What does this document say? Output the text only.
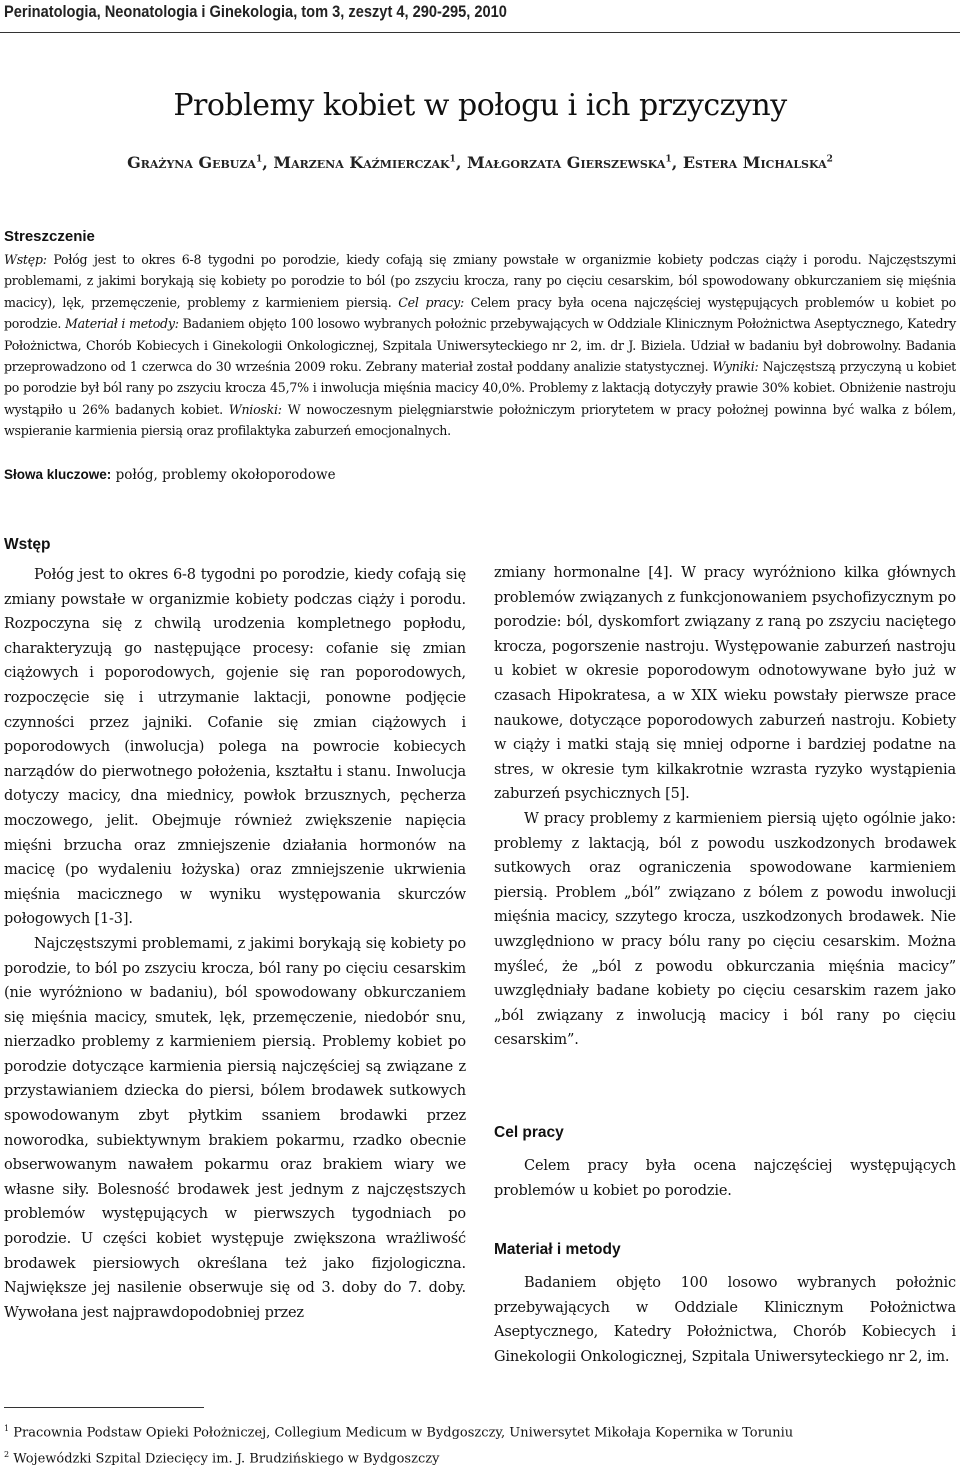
Perinatologia, Neonatologia i Ginekologia, tom 3, zeszyt 4, 290-295, 2010
Problemy kobiet w połogu i ich przyczyny
Grażyna Gebuza$^1$, Marzena Kaźmierczak$^1$, Małgorzata Gierszewska$^1$, Estera Michalska$^2$
Streszczenie
Wstęp: Połóg jest to okres 6-8 tygodni po porodzie, kiedy cofają się zmiany powstałe w organizmie kobiety podczas ciąży i porodu. Najczęstszymi problemami, z jakimi borykają się kobiety po porodzie to ból (po zszyciu krocza, rany po cięciu cesarskim, ból spowodowany obkurczaniem się mięśnia macicy), lęk, przemęczenie, problemy z karmieniem piersią. Cel pracy: Celem pracy była ocena najczęściej występujących problemów u kobiet po porodzie. Materiał i metody: Badaniem objęto 100 losowo wybranych położnic przebywających w Oddziale Klinicznym Położnictwa Aseptycznego, Katedry Położnictwa, Chorób Kobiecych i Ginekologii Onkologicznej, Szpitala Uniwersyteckiego nr 2, im. dr J. Biziela. Udział w badaniu był dobrowolny. Badania przeprowadzono od 1 czerwca do 30 września 2009 roku. Zebrany materiał został poddany analizie statystycznej. Wyniki: Najczęstszą przyczyną u kobiet po porodzie był ból rany po zszyciu krocza 45,7% i inwolucja mięśnia macicy 40,0%. Problemy z laktacją dotyczyły prawie 30% kobiet. Obniżenie nastroju wystąpiło u 26% badanych kobiet. Wnioski: W nowoczesnym pielęgniarstwie położniczym priorytetem w pracy położnej powinna być walka z bólem, wspieranie karmienia piersią oraz profilaktyka zaburzeń emocjonalnych.
Słowa kluczowe: połóg, problemy okołoporodowe
Wstęp

Połóg jest to okres 6-8 tygodni po porodzie, kiedy cofają się zmiany powstałe w organizmie kobiety podczas ciąży i porodu. Rozpoczyna się z chwilą urodzenia kompletnego popłodu, charakteryzują go następujące procesy: cofanie się zmian ciążowych i poporodowych, gojenie się ran poporodowych, rozpoczęcie się i utrzymanie laktacji, ponowne podjęcie czynności przez jajniki. Cofanie się zmian ciążowych i poporodowych (inwolucja) polega na powrocie kobiecych narządów do pierwotnego położenia, kształtu i stanu. Inwolucja dotyczy macicy, dna miednicy, powłok brzusznych, pęcherza moczowego, jelit. Obejmuje również zwiększenie napięcia mięśni brzucha oraz zmniejszenie działania hormonów na macicę (po wydaleniu łożyska) oraz zmniejszenie ukrwienia mięśnia macicznego w wyniku występowania skurczów połogowych [1-3].

Najczęstszymi problemami, z jakimi borykają się kobiety po porodzie, to ból po zszyciu krocza, ból rany po cięciu cesarskim (nie wyróżniono w badaniu), ból spowodowany obkurczaniem się mięśnia macicy, smutek, lęk, przemęczenie, niedobór snu, nierzadko problemy z karmieniem piersią. Problemy kobiet po porodzie dotyczące karmienia piersią najczęściej są związane z przystawianiem dziecka do piersi, bólem brodawek sutkowych spowodowanym zbyt płytkim ssaniem brodawki przez noworodka, subiektywnym brakiem pokarmu, rzadko obecnie obserwowanym nawałem pokarmu oraz brakiem wiary we własne siły. Bolesność brodawek jest jednym z najczęstszych problemów występujących w pierwszych tygodniach po porodzie. U części kobiet występuje zwiększona wrażliwość brodawek piersiowych określana też jako fizjologiczna. Największe jej nasilenie obserwuje się od 3. doby do 7. doby. Wywołana jest najprawdopodobniej przez

zmiany hormonalne [4]. W pracy wyróżniono kilka głównych problemów związanych z funkcjonowaniem psychofizycznym po porodzie: ból, dyskomfort związany z raną po zszyciu naciętego krocza, pogorszenie nastroju. Występowanie zaburzeń nastroju u kobiet w okresie poporodowym odnotowywane było już w czasach Hipokratesa, a w XIX wieku powstały pierwsze prace naukowe, dotyczące poporodowych zaburzeń nastroju. Kobiety w ciąży i matki stają się mniej odporne i bardziej podatne na stres, w okresie tym kilkakrotnie wzrasta ryzyko wystąpienia zaburzeń psychicznych [5].

W pracy problemy z karmieniem piersią ujęto ogólnie jako: problemy z laktacją, ból z powodu uszkodzonych brodawek sutkowych oraz ograniczenia spowodowane karmieniem piersią. Problem „ból” związano z bólem z powodu inwolucji mięśnia macicy, szzytego krocza, uszkodzonych brodawek. Nie uwzględniono w pracy bólu rany po cięciu cesarskim. Można myśleć, że „ból z powodu obkurczania mięśnia macicy” uwzględniały badane kobiety po cięciu cesarskim razem jako „ból związany z inwolucją macicy i ból rany po cięciu cesarskim”.

Cel pracy

Celem pracy była ocena najczęściej występujących problemów u kobiet po porodzie.

Materiał i metody

Badaniem objęto 100 losowo wybranych położnic przebywających w Oddziale Klinicznym Położnictwa Aseptycznego, Katedry Położnictwa, Chorób Kobiecych i Ginekologii Onkologicznej, Szpitala Uniwersyteckiego nr 2, im.

$^1$ Pracownia Podstaw Opieki Położniczej, Collegium Medicum w Bydgoszczy, Uniwersytet Mikołaja Kopernika w Toruniu
$^2$ Wojewódzki Szpital Dziecięcy im. J. Brudzińskiego w Bydgoszczy
